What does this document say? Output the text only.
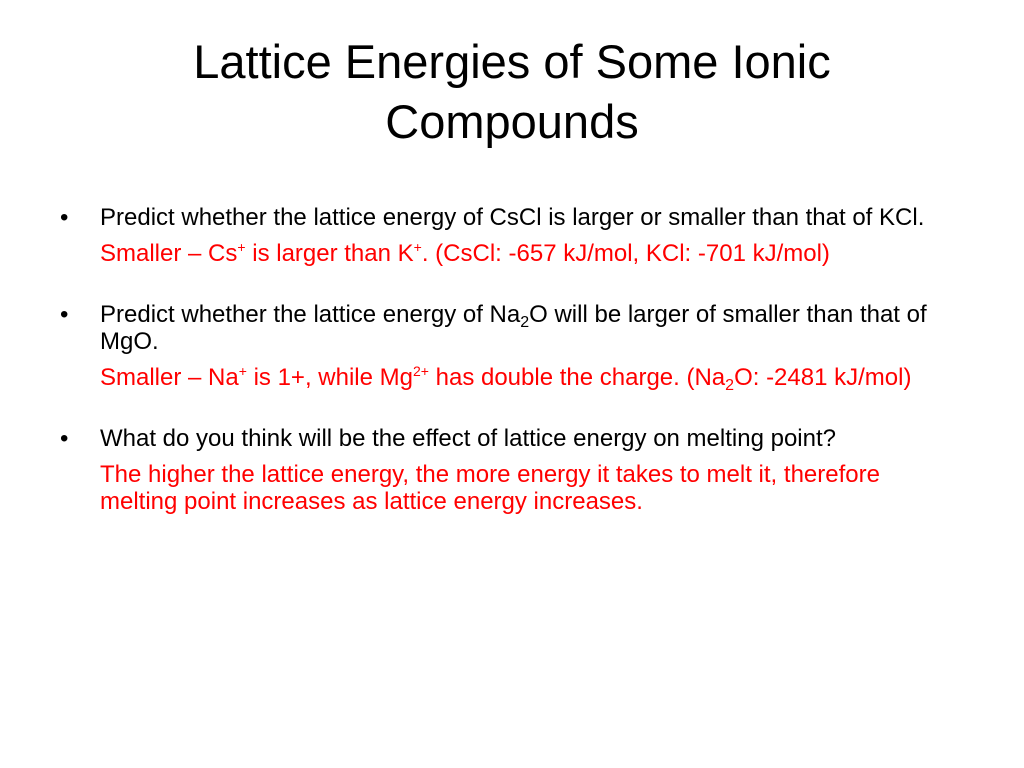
Lattice Energies of Some Ionic
Compounds
• Predict whether the lattice energy of CsCl is larger or smaller than that of KCl.
Smaller – Cs+ is larger than K+. (CsCl: -657 kJ/mol, KCl: -701 kJ/mol)
• Predict whether the lattice energy of $Na_2O$ will be larger of smaller than that of MgO.
Smaller – Na+ is 1+, while $Mg^{2+}$ has double the charge. ($Na_2O$: -2481 kJ/mol)
• What do you think will be the effect of lattice energy on melting point?
The higher the lattice energy, the more energy it takes to melt it, therefore melting point increases as lattice energy increases.
